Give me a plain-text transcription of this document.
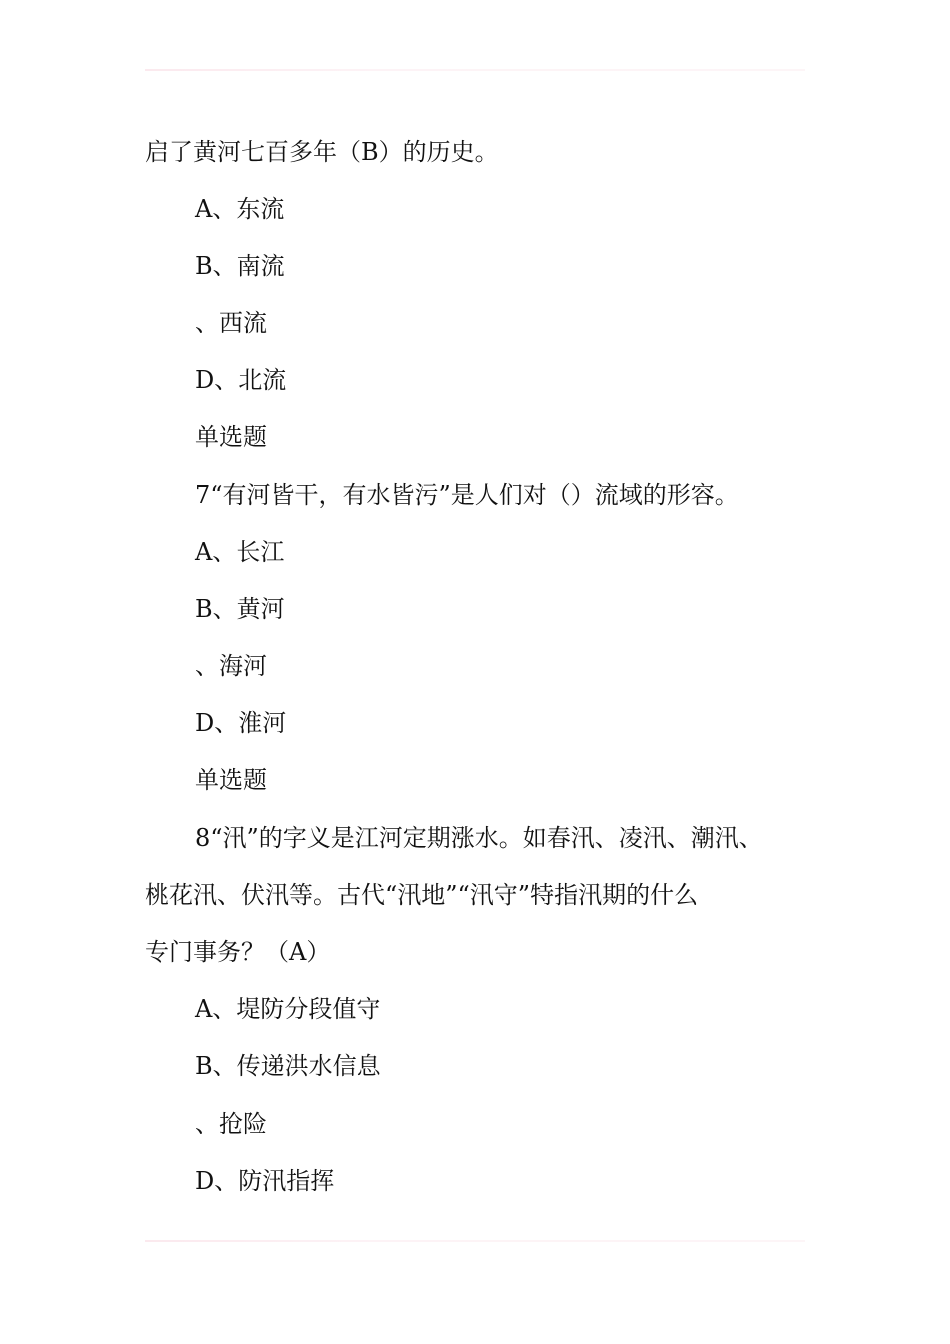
启了黄河七百多年（B）的历史。
A、东流
B、南流
、西流
D、北流
单选题
7“有河皆干，有水皆污”是人们对（）流域的形容。
A、长江
B、黄河
、海河
D、淮河
单选题
8“汛”的字义是江河定期涨水。如春汛、凌汛、潮汛、
桃花汛、伏汛等。古代“汛地”“汛守”特指汛期的什么
专门事务？（A）
A、堤防分段值守
B、传递洪水信息
、抢险
D、防汛指挥
